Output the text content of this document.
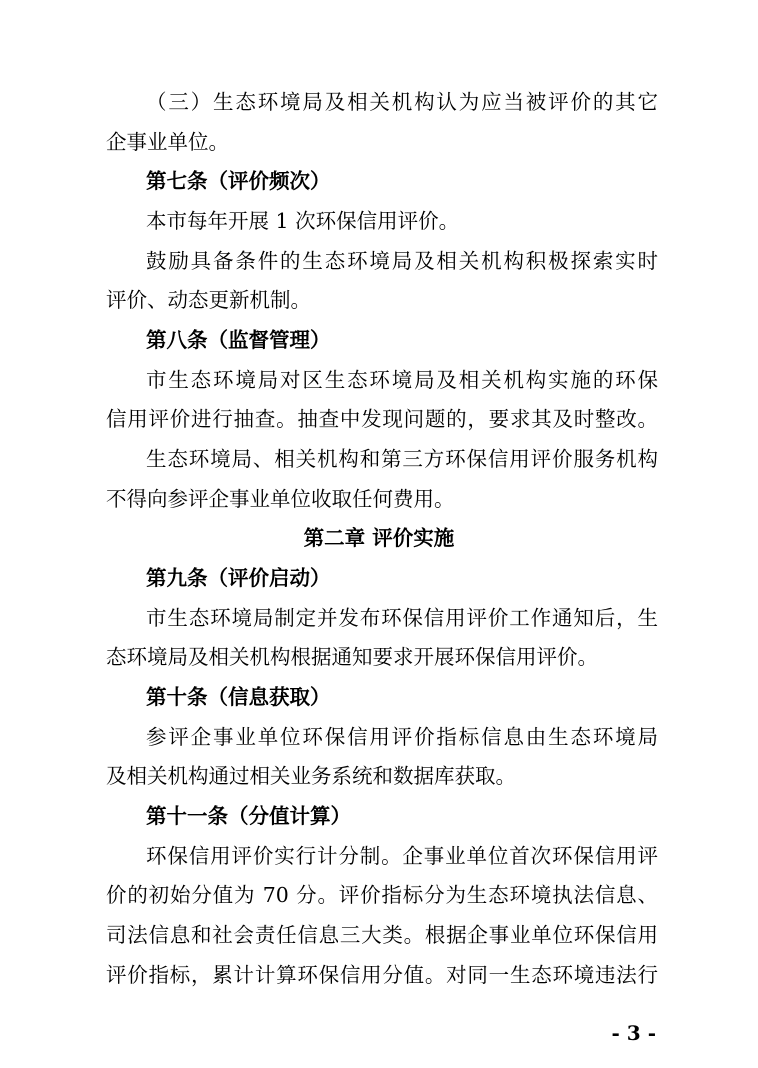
（三）生态环境局及相关机构认为应当被评价的其它
企事业单位。
第七条（评价频次）
本市每年开展 1 次环保信用评价。
鼓励具备条件的生态环境局及相关机构积极探索实时
评价、动态更新机制。
第八条（监督管理）
市生态环境局对区生态环境局及相关机构实施的环保
信用评价进行抽查。抽查中发现问题的，要求其及时整改。
生态环境局、相关机构和第三方环保信用评价服务机构
不得向参评企事业单位收取任何费用。
第二章 评价实施
第九条（评价启动）
市生态环境局制定并发布环保信用评价工作通知后，生
态环境局及相关机构根据通知要求开展环保信用评价。
第十条（信息获取）
参评企事业单位环保信用评价指标信息由生态环境局
及相关机构通过相关业务系统和数据库获取。
第十一条（分值计算）
环保信用评价实行计分制。企事业单位首次环保信用评
价的初始分值为 70 分。评价指标分为生态环境执法信息、
司法信息和社会责任信息三大类。根据企事业单位环保信用
评价指标，累计计算环保信用分值。对同一生态环境违法行
- 3 -
